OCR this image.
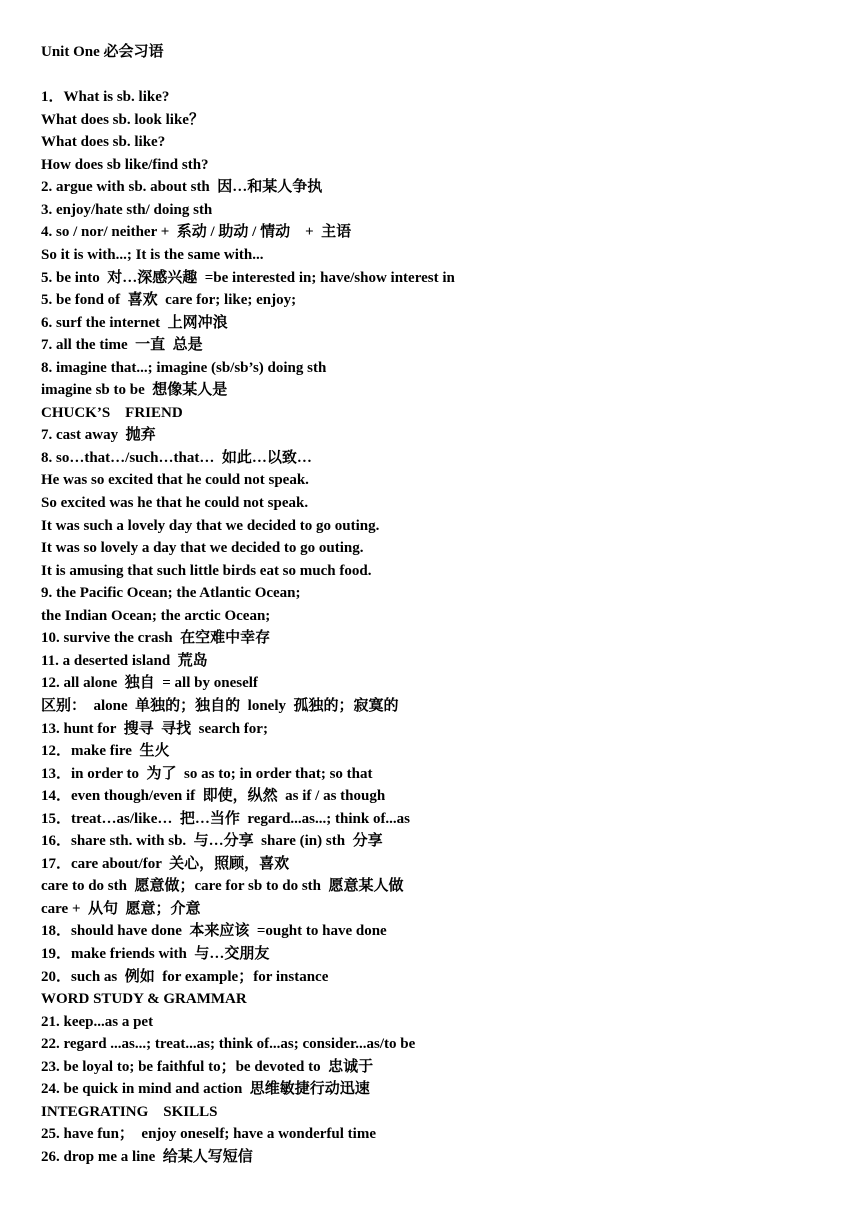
Unit One 必会习语
1．What is sb. like?
What does sb. look like？
What does sb. like?
How does sb like/find sth?
2. argue with sb. about sth  因…和某人争执
3. enjoy/hate sth/ doing sth
4. so / nor/ neither +  系动 / 助动 / 情动    +  主语
So it is with...; It is the same with...
5. be into  对…深感兴趣  =be interested in; have/show interest in
5. be fond of  喜欢  care for; like; enjoy;
6. surf the internet  上网冲浪
7. all the time  一直  总是
8. imagine that...; imagine (sb/sb’s) doing sth
imagine sb to be  想像某人是
CHUCK’S    FRIEND
7. cast away  抛弃
8. so…that…/such…that…  如此…以致…
He was so excited that he could not speak.
So excited was he that he could not speak.
It was such a lovely day that we decided to go outing.
It was so lovely a day that we decided to go outing.
It is amusing that such little birds eat so much food.
9. the Pacific Ocean; the Atlantic Ocean;
the Indian Ocean; the arctic Ocean;
10. survive the crash  在空难中幸存
11. a deserted island  荒岛
12. all alone  独自  = all by oneself
区别：  alone  单独的；独自的  lonely  孤独的；寂寞的
13. hunt for  搜寻  寻找  search for;
12．make fire  生火
13．in order to  为了  so as to; in order that; so that
14．even though/even if  即使，纵然  as if / as though
15．treat…as/like…  把…当作  regard...as...; think of...as
16．share sth. with sb.  与…分享  share (in) sth  分享
17．care about/for  关心，照顾，喜欢
care to do sth  愿意做；care for sb to do sth  愿意某人做
care +  从句  愿意；介意
18．should have done  本来应该  =ought to have done
19．make friends with  与…交朋友
20．such as  例如  for example；for instance
WORD STUDY & GRAMMAR
21. keep...as a pet
22. regard ...as...; treat...as; think of...as; consider...as/to be
23. be loyal to; be faithful to；be devoted to  忠诚于
24. be quick in mind and action  思维敏捷行动迅速
INTEGRATING    SKILLS
25. have fun；  enjoy oneself; have a wonderful time
26. drop me a line  给某人写短信
